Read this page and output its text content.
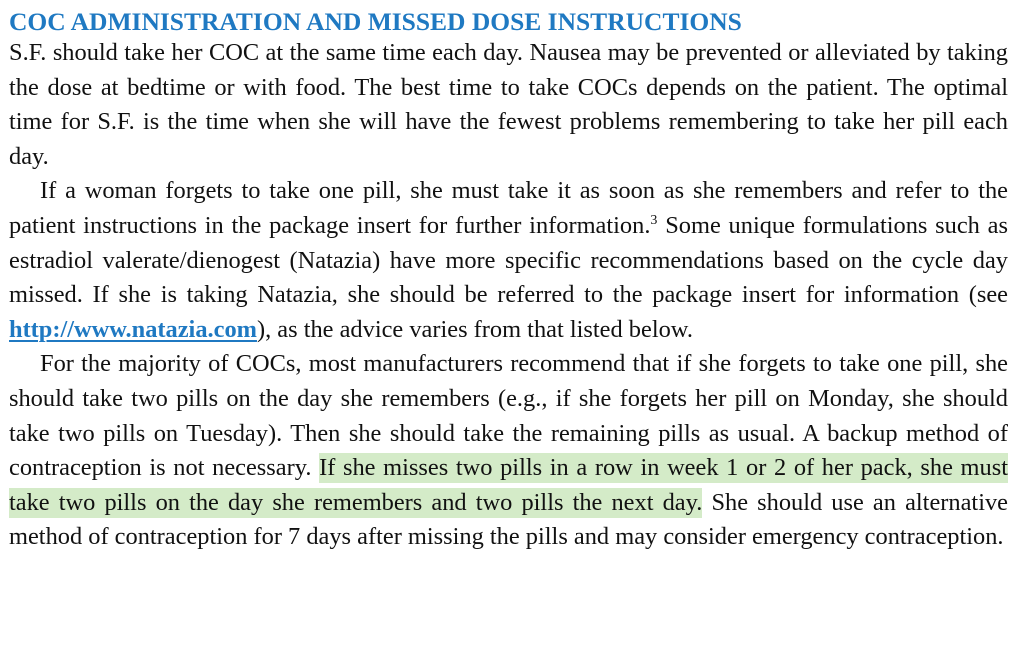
COC ADMINISTRATION AND MISSED DOSE INSTRUCTIONS

S.F. should take her COC at the same time each day. Nausea may be prevented or alleviated by taking the dose at bedtime or with food. The best time to take COCs depends on the patient. The optimal time for S.F. is the time when she will have the fewest problems remembering to take her pill each day.

If a woman forgets to take one pill, she must take it as soon as she remembers and refer to the patient instructions in the package insert for further information.$^3$ Some unique formulations such as estradiol valerate/dienogest (Natazia) have more specific recommendations based on the cycle day missed. If she is taking Natazia, she should be referred to the package insert for information (see http://www.natazia.com), as the advice varies from that listed below.

For the majority of COCs, most manufacturers recommend that if she forgets to take one pill, she should take two pills on the day she remembers (e.g., if she forgets her pill on Monday, she should take two pills on Tuesday). Then she should take the remaining pills as usual. A backup method of contraception is not necessary. If she misses two pills in a row in week 1 or 2 of her pack, she must take two pills on the day she remembers and two pills the next day. She should use an alternative method of contraception for 7 days after missing the pills and may consider emergency contraception.
